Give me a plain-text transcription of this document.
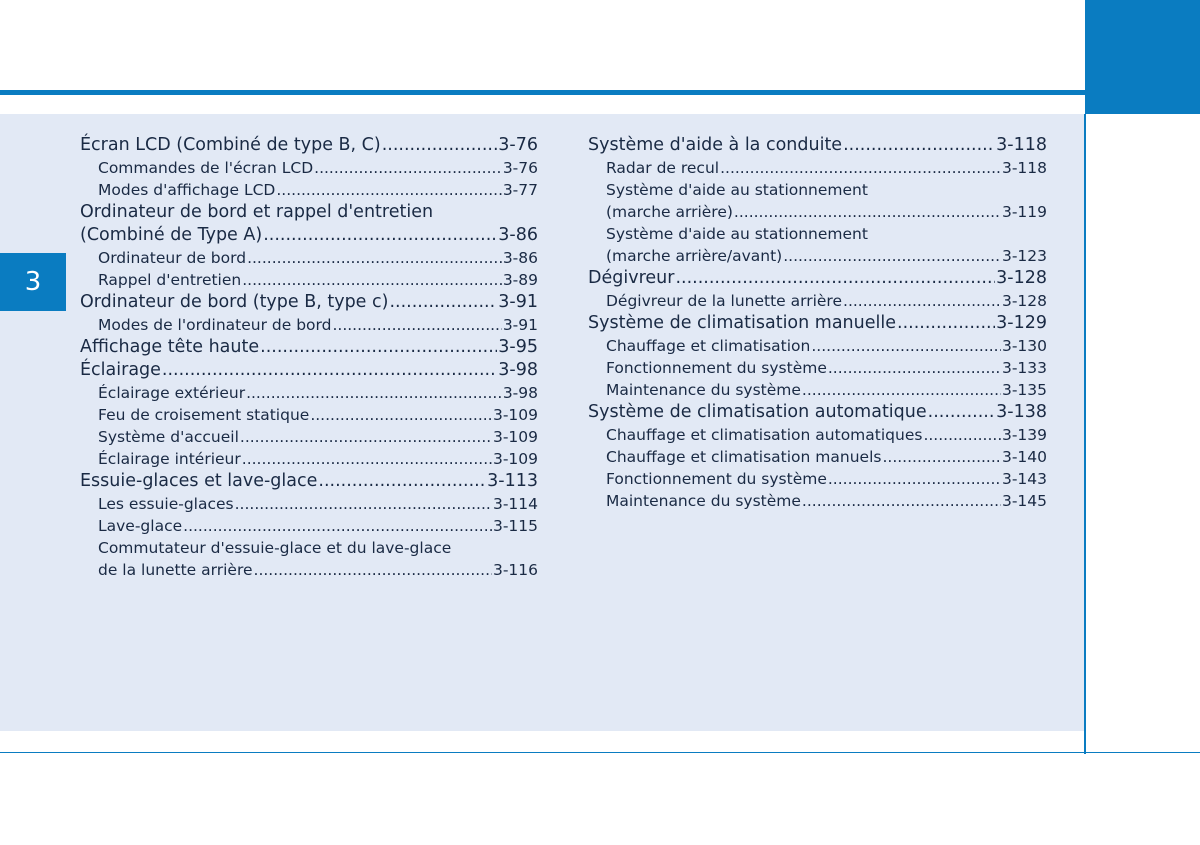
3
Écran LCD (Combiné de type B, C) .....	3-76
Commandes de l'écran LCD .....	3-76
Modes d'affichage LCD .....	3-77
Ordinateur de bord et rappel d'entretien
(Combiné de Type A) .....	3-86
Ordinateur de bord .....	3-86
Rappel d'entretien .....	3-89
Ordinateur de bord (type B, type c) .....	3-91
Modes de l'ordinateur de bord .....	3-91
Affichage tête haute .....	3-95
Éclairage .....	3-98
Éclairage extérieur .....	3-98
Feu de croisement statique .....	3-109
Système d'accueil .....	3-109
Éclairage intérieur .....	3-109
Essuie-glaces et lave-glace .....	3-113
Les essuie-glaces .....	3-114
Lave-glace .....	3-115
Commutateur d'essuie-glace et du lave-glace
de la lunette arrière .....	3-116
Système d'aide à la conduite .....	3-118
Radar de recul .....	3-118
Système d'aide au stationnement
(marche arrière) .....	3-119
Système d'aide au stationnement
(marche arrière/avant) .....	3-123
Dégivreur .....	3-128
Dégivreur de la lunette arrière .....	3-128
Système de climatisation manuelle .....	3-129
Chauffage et climatisation .....	3-130
Fonctionnement du système .....	3-133
Maintenance du système .....	3-135
Système de climatisation automatique .....	3-138
Chauffage et climatisation automatiques .....	3-139
Chauffage et climatisation manuels .....	3-140
Fonctionnement du système .....	3-143
Maintenance du système .....	3-145
